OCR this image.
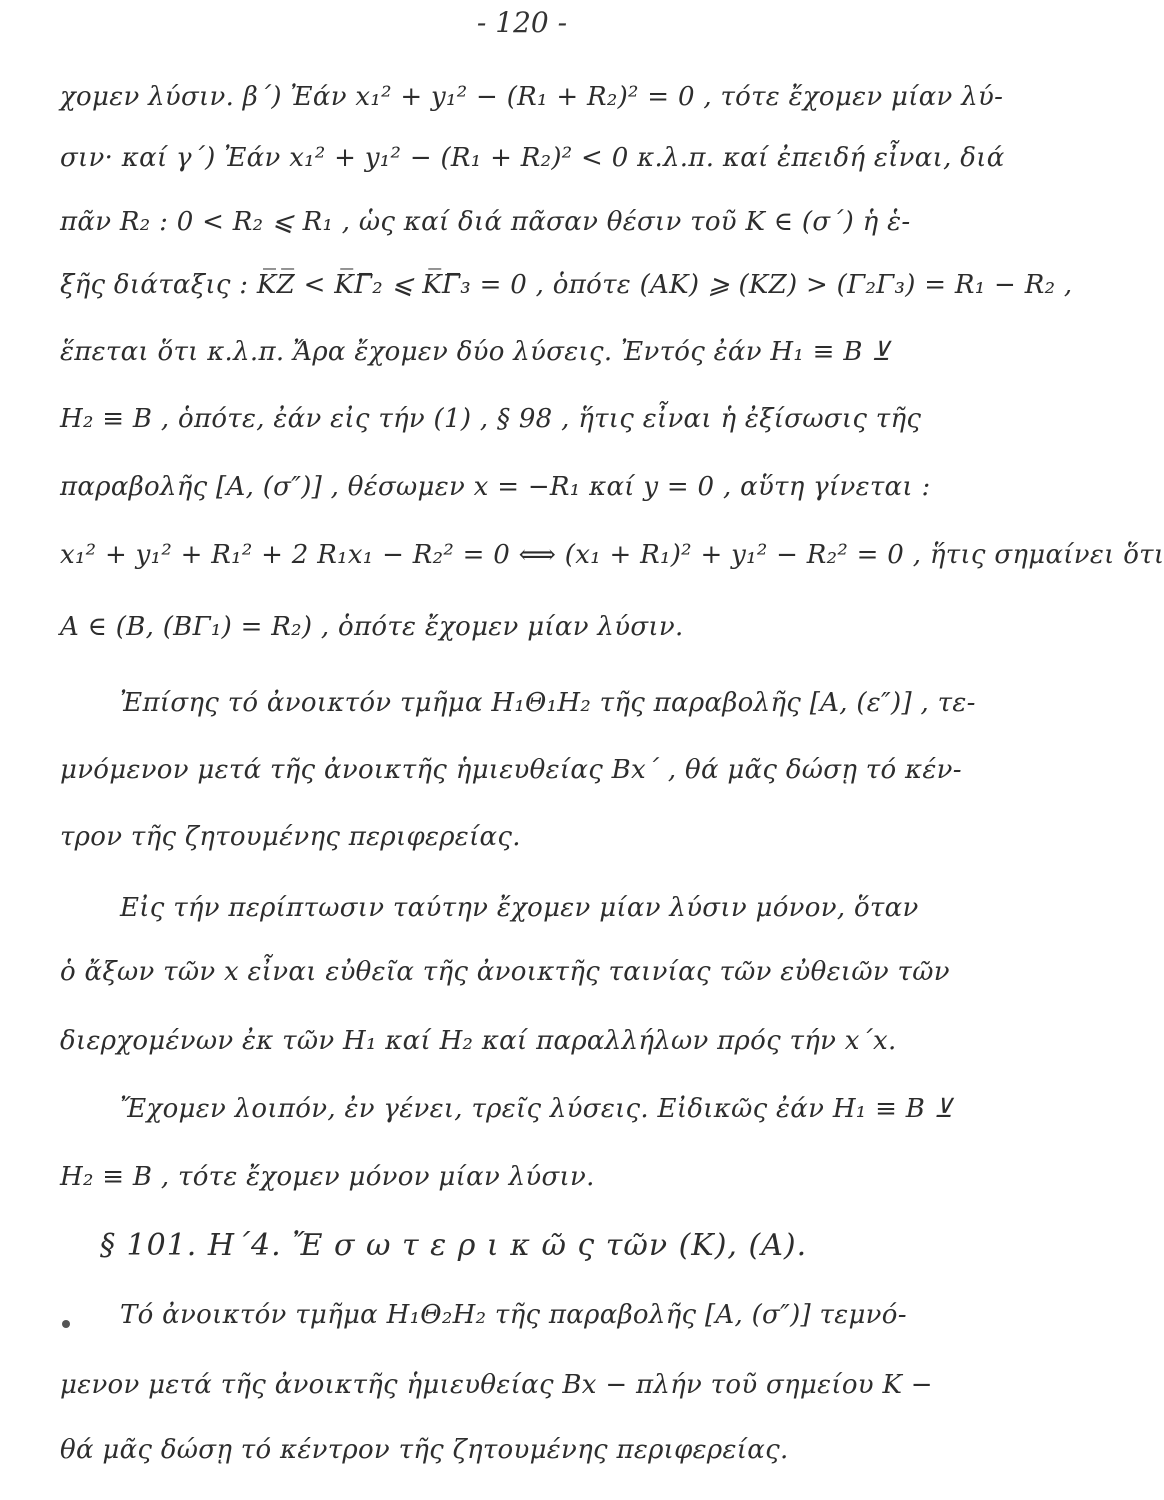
- 120 -
χομεν λύσιν. β΄) Ἐάν x₁² + y₁² − (R₁ + R₂)² = 0 , τότε ἔχομεν μίαν λύ-
σιν· καί γ΄) Ἐάν x₁² + y₁² − (R₁ + R₂)² < 0 κ.λ.π. καί ἐπειδή εἶναι, διά
πᾶν R₂ : 0 < R₂ ⩽ R₁ , ὡς καί διά πᾶσαν θέσιν τοῦ K ∈ (σ΄) ἡ ἑ-
ξῆς διάταξις : K̅Z̅ < K̅Γ̅₂ ⩽ K̅Γ̅₃ = 0 , ὁπότε (AK) ⩾ (KZ) > (Γ₂Γ₃) = R₁ − R₂ ,
ἕπεται ὅτι κ.λ.π. Ἄρα ἔχομεν δύο λύσεις. Ἐντός ἐάν H₁ ≡ B ⊻
H₂ ≡ B , ὁπότε, ἐάν εἰς τήν (1) , § 98 , ἥτις εἶναι ἡ ἐξίσωσις τῆς
παραβολῆς [A, (σ″)] , θέσωμεν x = −R₁ καί y = 0 , αὕτη γίνεται :
x₁² + y₁² + R₁² + 2 R₁x₁ − R₂² = 0 ⟺ (x₁ + R₁)² + y₁² − R₂² = 0 , ἥτις σημαίνει ὅτι
A ∈ (B, (BΓ₁) = R₂) , ὁπότε ἔχομεν μίαν λύσιν.
Ἐπίσης τό ἀνοικτόν τμῆμα H₁Θ₁H₂ τῆς παραβολῆς [A, (ε″)] , τε-
μνόμενον μετά τῆς ἀνοικτῆς ἡμιευθείας Bx΄ , θά μᾶς δώσῃ τό κέν-
τρον τῆς ζητουμένης περιφερείας.
Εἰς τήν περίπτωσιν ταύτην ἔχομεν μίαν λύσιν μόνον, ὅταν
ὁ ἄξων τῶν x εἶναι εὐθεῖα τῆς ἀνοικτῆς ταινίας τῶν εὐθειῶν τῶν
διερχομένων ἐκ τῶν H₁ καί H₂ καί παραλλήλων πρός τήν x΄x.
Ἔχομεν λοιπόν, ἐν γένει, τρεῖς λύσεις. Εἰδικῶς ἐάν H₁ ≡ B ⊻
H₂ ≡ B , τότε ἔχομεν μόνον μίαν λύσιν.
§ 101. H΄4. Ἔ σ ω τ ε ρ ι κ ῶ ς τῶν (K), (A).
Τό ἀνοικτόν τμῆμα H₁Θ₂H₂ τῆς παραβολῆς [A, (σ″)] τεμνό-
μενον μετά τῆς ἀνοικτῆς ἡμιευθείας Bx − πλήν τοῦ σημείου K −
θά μᾶς δώσῃ τό κέντρον τῆς ζητουμένης περιφερείας.
